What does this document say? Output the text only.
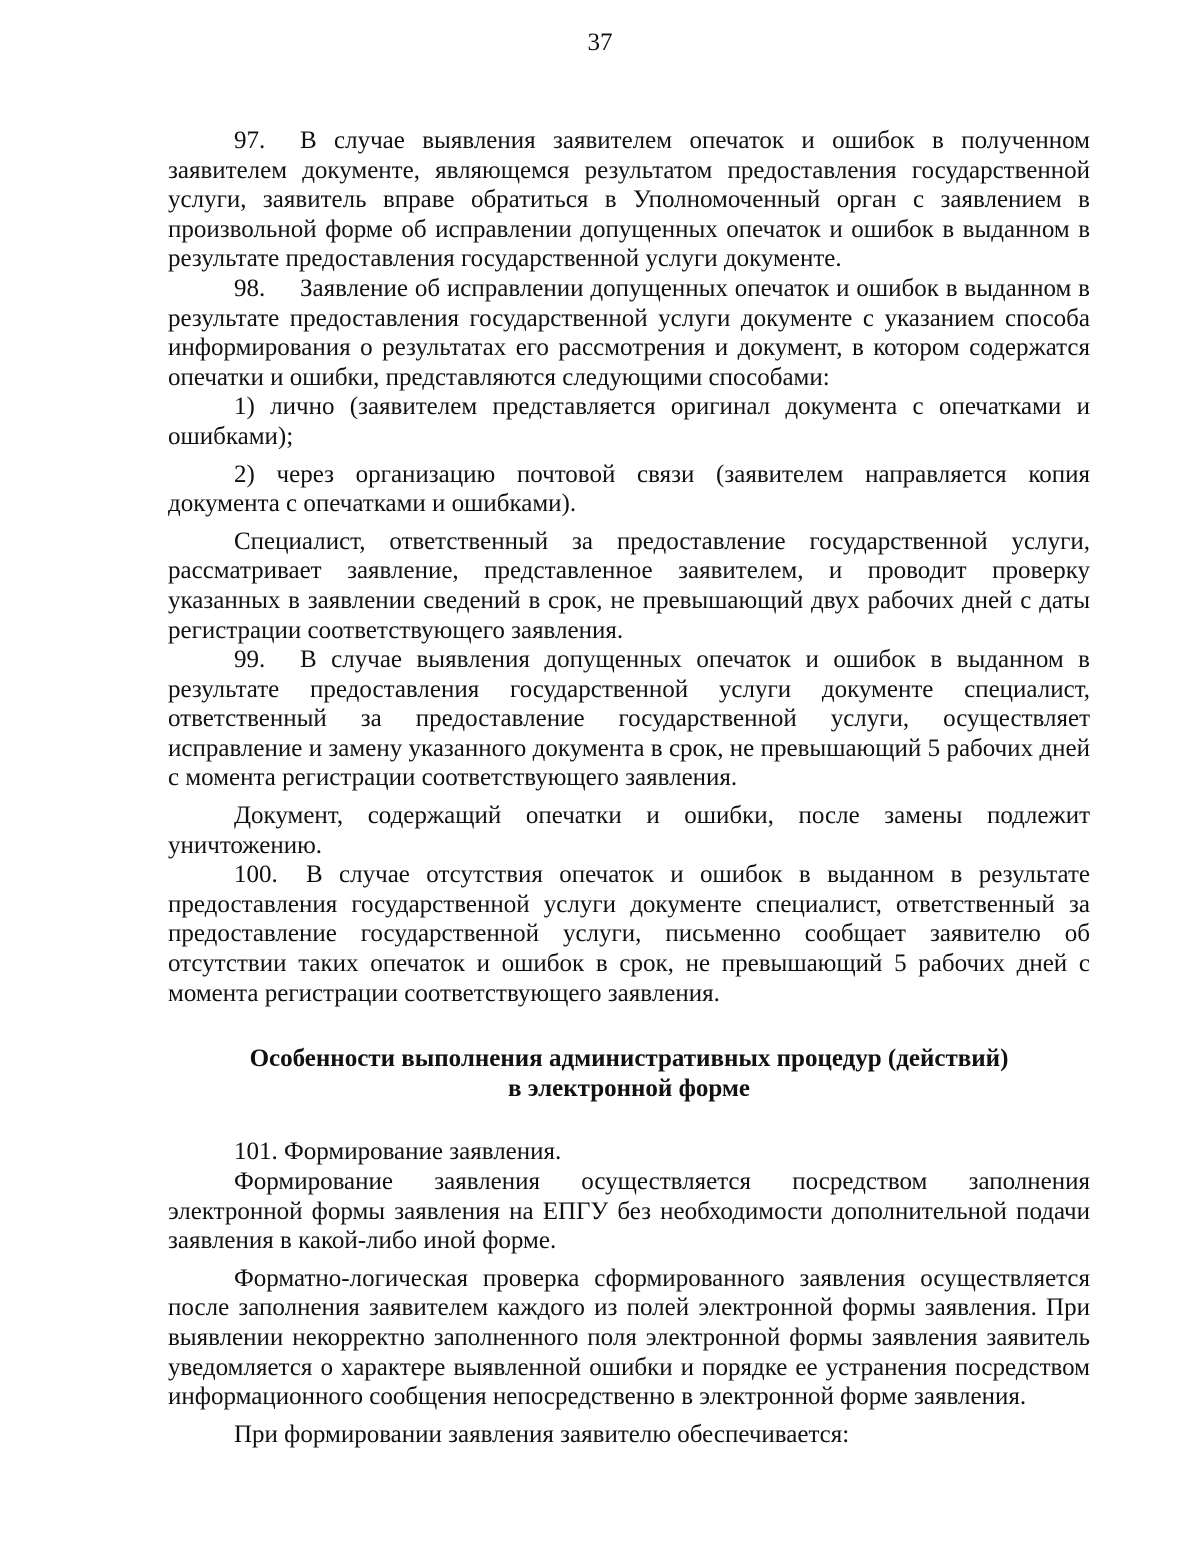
37

97. В случае выявления заявителем опечаток и ошибок в полученном заявителем документе, являющемся результатом предоставления государственной услуги, заявитель вправе обратиться в Уполномоченный орган с заявлением в произвольной форме об исправлении допущенных опечаток и ошибок в выданном в результате предоставления государственной услуги документе.

98. Заявление об исправлении допущенных опечаток и ошибок в выданном в результате предоставления государственной услуги документе с указанием способа информирования о результатах его рассмотрения и документ, в котором содержатся опечатки и ошибки, представляются следующими способами:

1) лично (заявителем представляется оригинал документа с опечатками и ошибками);

2) через организацию почтовой связи (заявителем направляется копия документа с опечатками и ошибками).

Специалист, ответственный за предоставление государственной услуги, рассматривает заявление, представленное заявителем, и проводит проверку указанных в заявлении сведений в срок, не превышающий двух рабочих дней с даты регистрации соответствующего заявления.

99. В случае выявления допущенных опечаток и ошибок в выданном в результате предоставления государственной услуги документе специалист, ответственный за предоставление государственной услуги, осуществляет исправление и замену указанного документа в срок, не превышающий 5 рабочих дней с момента регистрации соответствующего заявления.

Документ, содержащий опечатки и ошибки, после замены подлежит уничтожению.

100. В случае отсутствия опечаток и ошибок в выданном в результате предоставления государственной услуги документе специалист, ответственный за предоставление государственной услуги, письменно сообщает заявителю об отсутствии таких опечаток и ошибок в срок, не превышающий 5 рабочих дней с момента регистрации соответствующего заявления.

Особенности выполнения административных процедур (действий)
в электронной форме

101. Формирование заявления.

Формирование заявления осуществляется посредством заполнения электронной формы заявления на ЕПГУ без необходимости дополнительной подачи заявления в какой-либо иной форме.

Форматно-логическая проверка сформированного заявления осуществляется после заполнения заявителем каждого из полей электронной формы заявления. При выявлении некорректно заполненного поля электронной формы заявления заявитель уведомляется о характере выявленной ошибки и порядке ее устранения посредством информационного сообщения непосредственно в электронной форме заявления.

При формировании заявления заявителю обеспечивается:
